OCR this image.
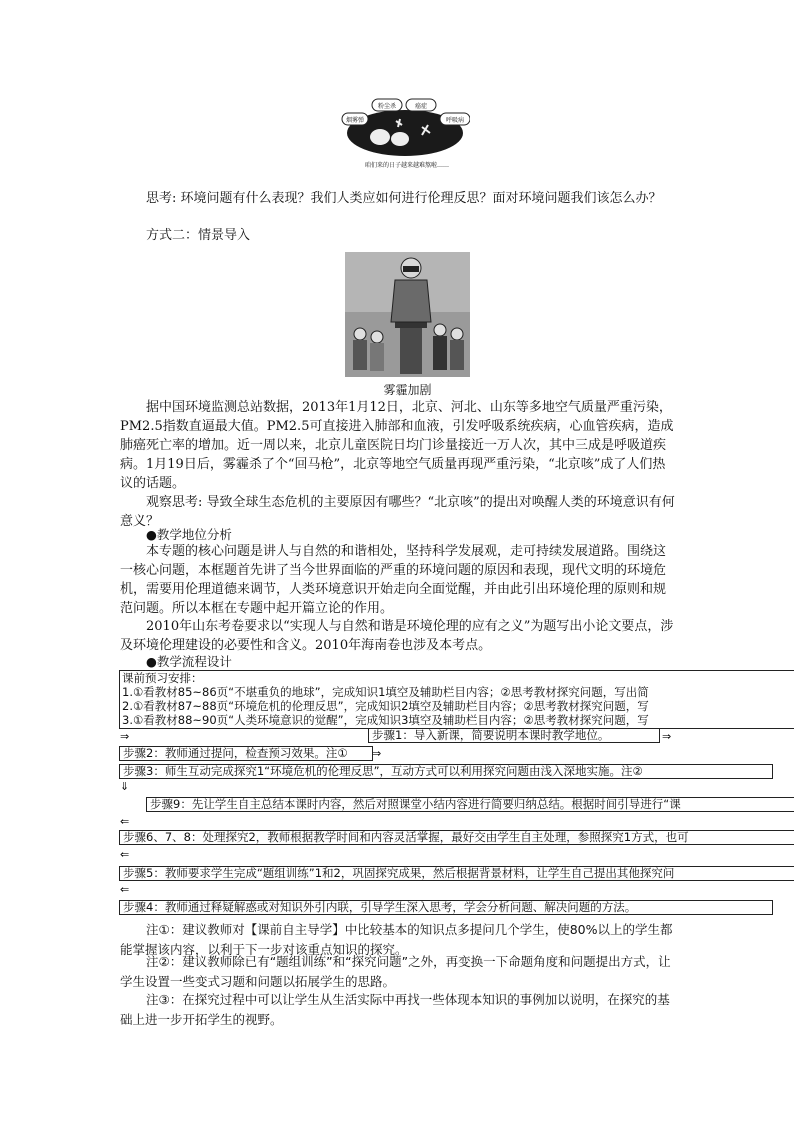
烟雾弹
粉尘杀	癌症
呼吸病
咱们来的日子越来越难熬啦……
思考: 环境问题有什么表现？我们人类应如何进行伦理反思？面对环境问题我们该怎么办？
方式二：情景导入
雾霾加剧
据中国环境监测总站数据，2013年1月12日，北京、河北、山东等多地空气质量严重污染，PM2.5指数直逼最大值。PM2.5可直接进入肺部和血液，引发呼吸系统疾病，心血管疾病，造成肺癌死亡率的增加。近一周以来，北京儿童医院日均门诊量接近一万人次，其中三成是呼吸道疾病。1月19日后，雾霾杀了个“回马枪”，北京等地空气质量再现严重污染，“北京咳”成了人们热议的话题。
观察思考: 导致全球生态危机的主要原因有哪些？“北京咳”的提出对唤醒人类的环境意识有何意义？
●教学地位分析
本专题的核心问题是讲人与自然的和谐相处，坚持科学发展观，走可持续发展道路。围绕这一核心问题，本框题首先讲了当今世界面临的严重的环境问题的原因和表现，现代文明的环境危机，需要用伦理道德来调节，人类环境意识开始走向全面觉醒，并由此引出环境伦理的原则和规范问题。所以本框在专题中起开篇立论的作用。
2010年山东考卷要求以“实现人与自然和谐是环境伦理的应有之义”为题写出小论文要点，涉及环境伦理建设的必要性和含义。2010年海南卷也涉及本考点。
●教学流程设计
课前预习安排：
1.①看教材85~86页“不堪重负的地球”，完成知识1填空及辅助栏目内容；②思考教材探究问题，写出简
2.①看教材87~88页“环境危机的伦理反思”，完成知识2填空及辅助栏目内容；②思考教材探究问题，写
3.①看教材88~90页“人类环境意识的觉醒”，完成知识3填空及辅助栏目内容；②思考教材探究问题，写
⇒	步骤1：导入新课，简要说明本课时教学地位。	⇒
步骤2：教师通过提问，检查预习效果。注①	⇒
步骤3：师生互动完成探究1“环境危机的伦理反思”，互动方式可以利用探究问题由浅入深地实施。注②
⇓
步骤9：先让学生自主总结本课时内容，然后对照课堂小结内容进行简要归纳总结。根据时间引导进行“课
⇐
步骤6、7、8：处理探究2，教师根据教学时间和内容灵活掌握，最好交由学生自主处理，参照探究1方式，也可
⇐
步骤5：教师要求学生完成“题组训练”1和2，巩固探究成果，然后根据背景材料，让学生自己提出其他探究问
⇐
步骤4：教师通过释疑解惑或对知识外引内联，引导学生深入思考，学会分析问题、解决问题的方法。
注①：建议教师对【课前自主导学】中比较基本的知识点多提问几个学生，使80%以上的学生都能掌握该内容，以利于下一步对该重点知识的探究。
注②：建议教师除已有“题组训练”和“探究问题”之外，再变换一下命题角度和问题提出方式，让学生设置一些变式习题和问题以拓展学生的思路。
注③：在探究过程中可以让学生从生活实际中再找一些体现本知识的事例加以说明，在探究的基础上进一步开拓学生的视野。
